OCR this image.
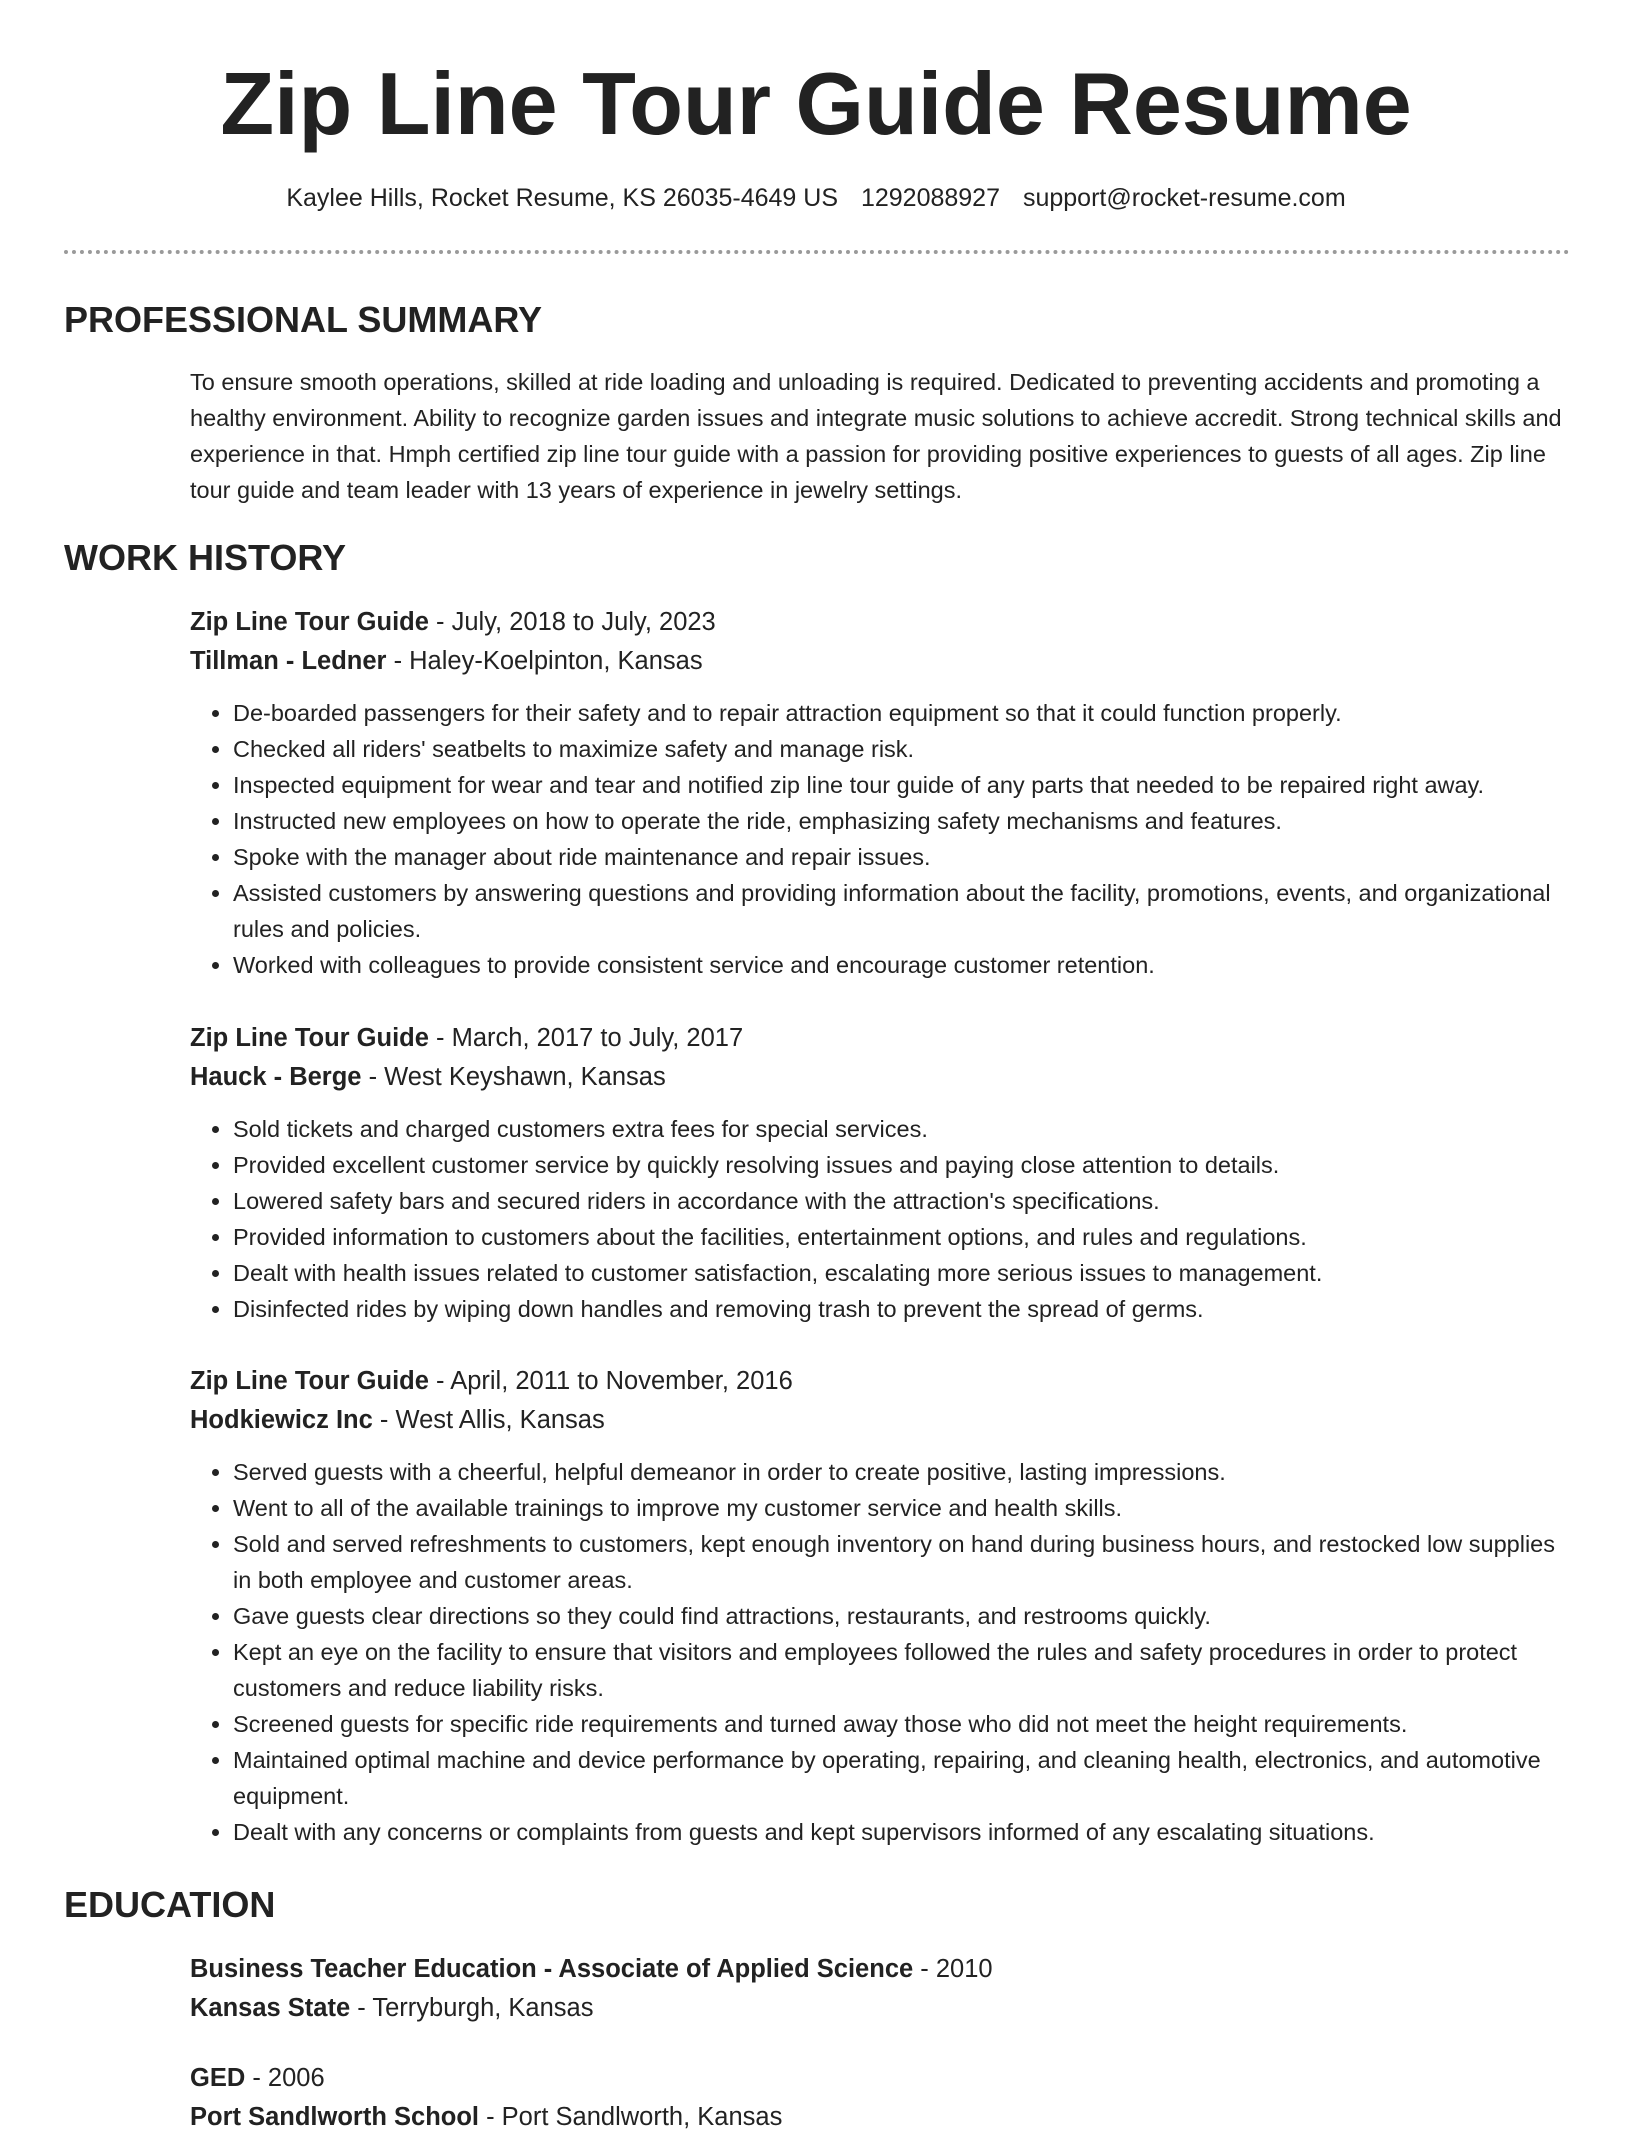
Zip Line Tour Guide Resume
Kaylee Hills, Rocket Resume, KS 26035-4649 US 1292088927 support@rocket-resume.com
PROFESSIONAL SUMMARY

To ensure smooth operations, skilled at ride loading and unloading is required. Dedicated to preventing accidents and promoting a healthy environment. Ability to recognize garden issues and integrate music solutions to achieve accredit. Strong technical skills and experience in that. Hmph certified zip line tour guide with a passion for providing positive experiences to guests of all ages. Zip line tour guide and team leader with 13 years of experience in jewelry settings.

WORK HISTORY
Zip Line Tour Guide - July, 2018 to July, 2023
Tillman - Ledner - Haley-Koelpinton, Kansas
• De-boarded passengers for their safety and to repair attraction equipment so that it could function properly.
• Checked all riders' seatbelts to maximize safety and manage risk.
• Inspected equipment for wear and tear and notified zip line tour guide of any parts that needed to be repaired right away.
• Instructed new employees on how to operate the ride, emphasizing safety mechanisms and features.
• Spoke with the manager about ride maintenance and repair issues.
• Assisted customers by answering questions and providing information about the facility, promotions, events, and organizational rules and policies.
• Worked with colleagues to provide consistent service and encourage customer retention.
Zip Line Tour Guide - March, 2017 to July, 2017
Hauck - Berge - West Keyshawn, Kansas
• Sold tickets and charged customers extra fees for special services.
• Provided excellent customer service by quickly resolving issues and paying close attention to details.
• Lowered safety bars and secured riders in accordance with the attraction's specifications.
• Provided information to customers about the facilities, entertainment options, and rules and regulations.
• Dealt with health issues related to customer satisfaction, escalating more serious issues to management.
• Disinfected rides by wiping down handles and removing trash to prevent the spread of germs.
Zip Line Tour Guide - April, 2011 to November, 2016
Hodkiewicz Inc - West Allis, Kansas
• Served guests with a cheerful, helpful demeanor in order to create positive, lasting impressions.
• Went to all of the available trainings to improve my customer service and health skills.
• Sold and served refreshments to customers, kept enough inventory on hand during business hours, and restocked low supplies in both employee and customer areas.
• Gave guests clear directions so they could find attractions, restaurants, and restrooms quickly.
• Kept an eye on the facility to ensure that visitors and employees followed the rules and safety procedures in order to protect customers and reduce liability risks.
• Screened guests for specific ride requirements and turned away those who did not meet the height requirements.
• Maintained optimal machine and device performance by operating, repairing, and cleaning health, electronics, and automotive equipment.
• Dealt with any concerns or complaints from guests and kept supervisors informed of any escalating situations.
EDUCATION
Business Teacher Education - Associate of Applied Science - 2010
Kansas State - Terryburgh, Kansas
GED - 2006
Port Sandlworth School - Port Sandlworth, Kansas
